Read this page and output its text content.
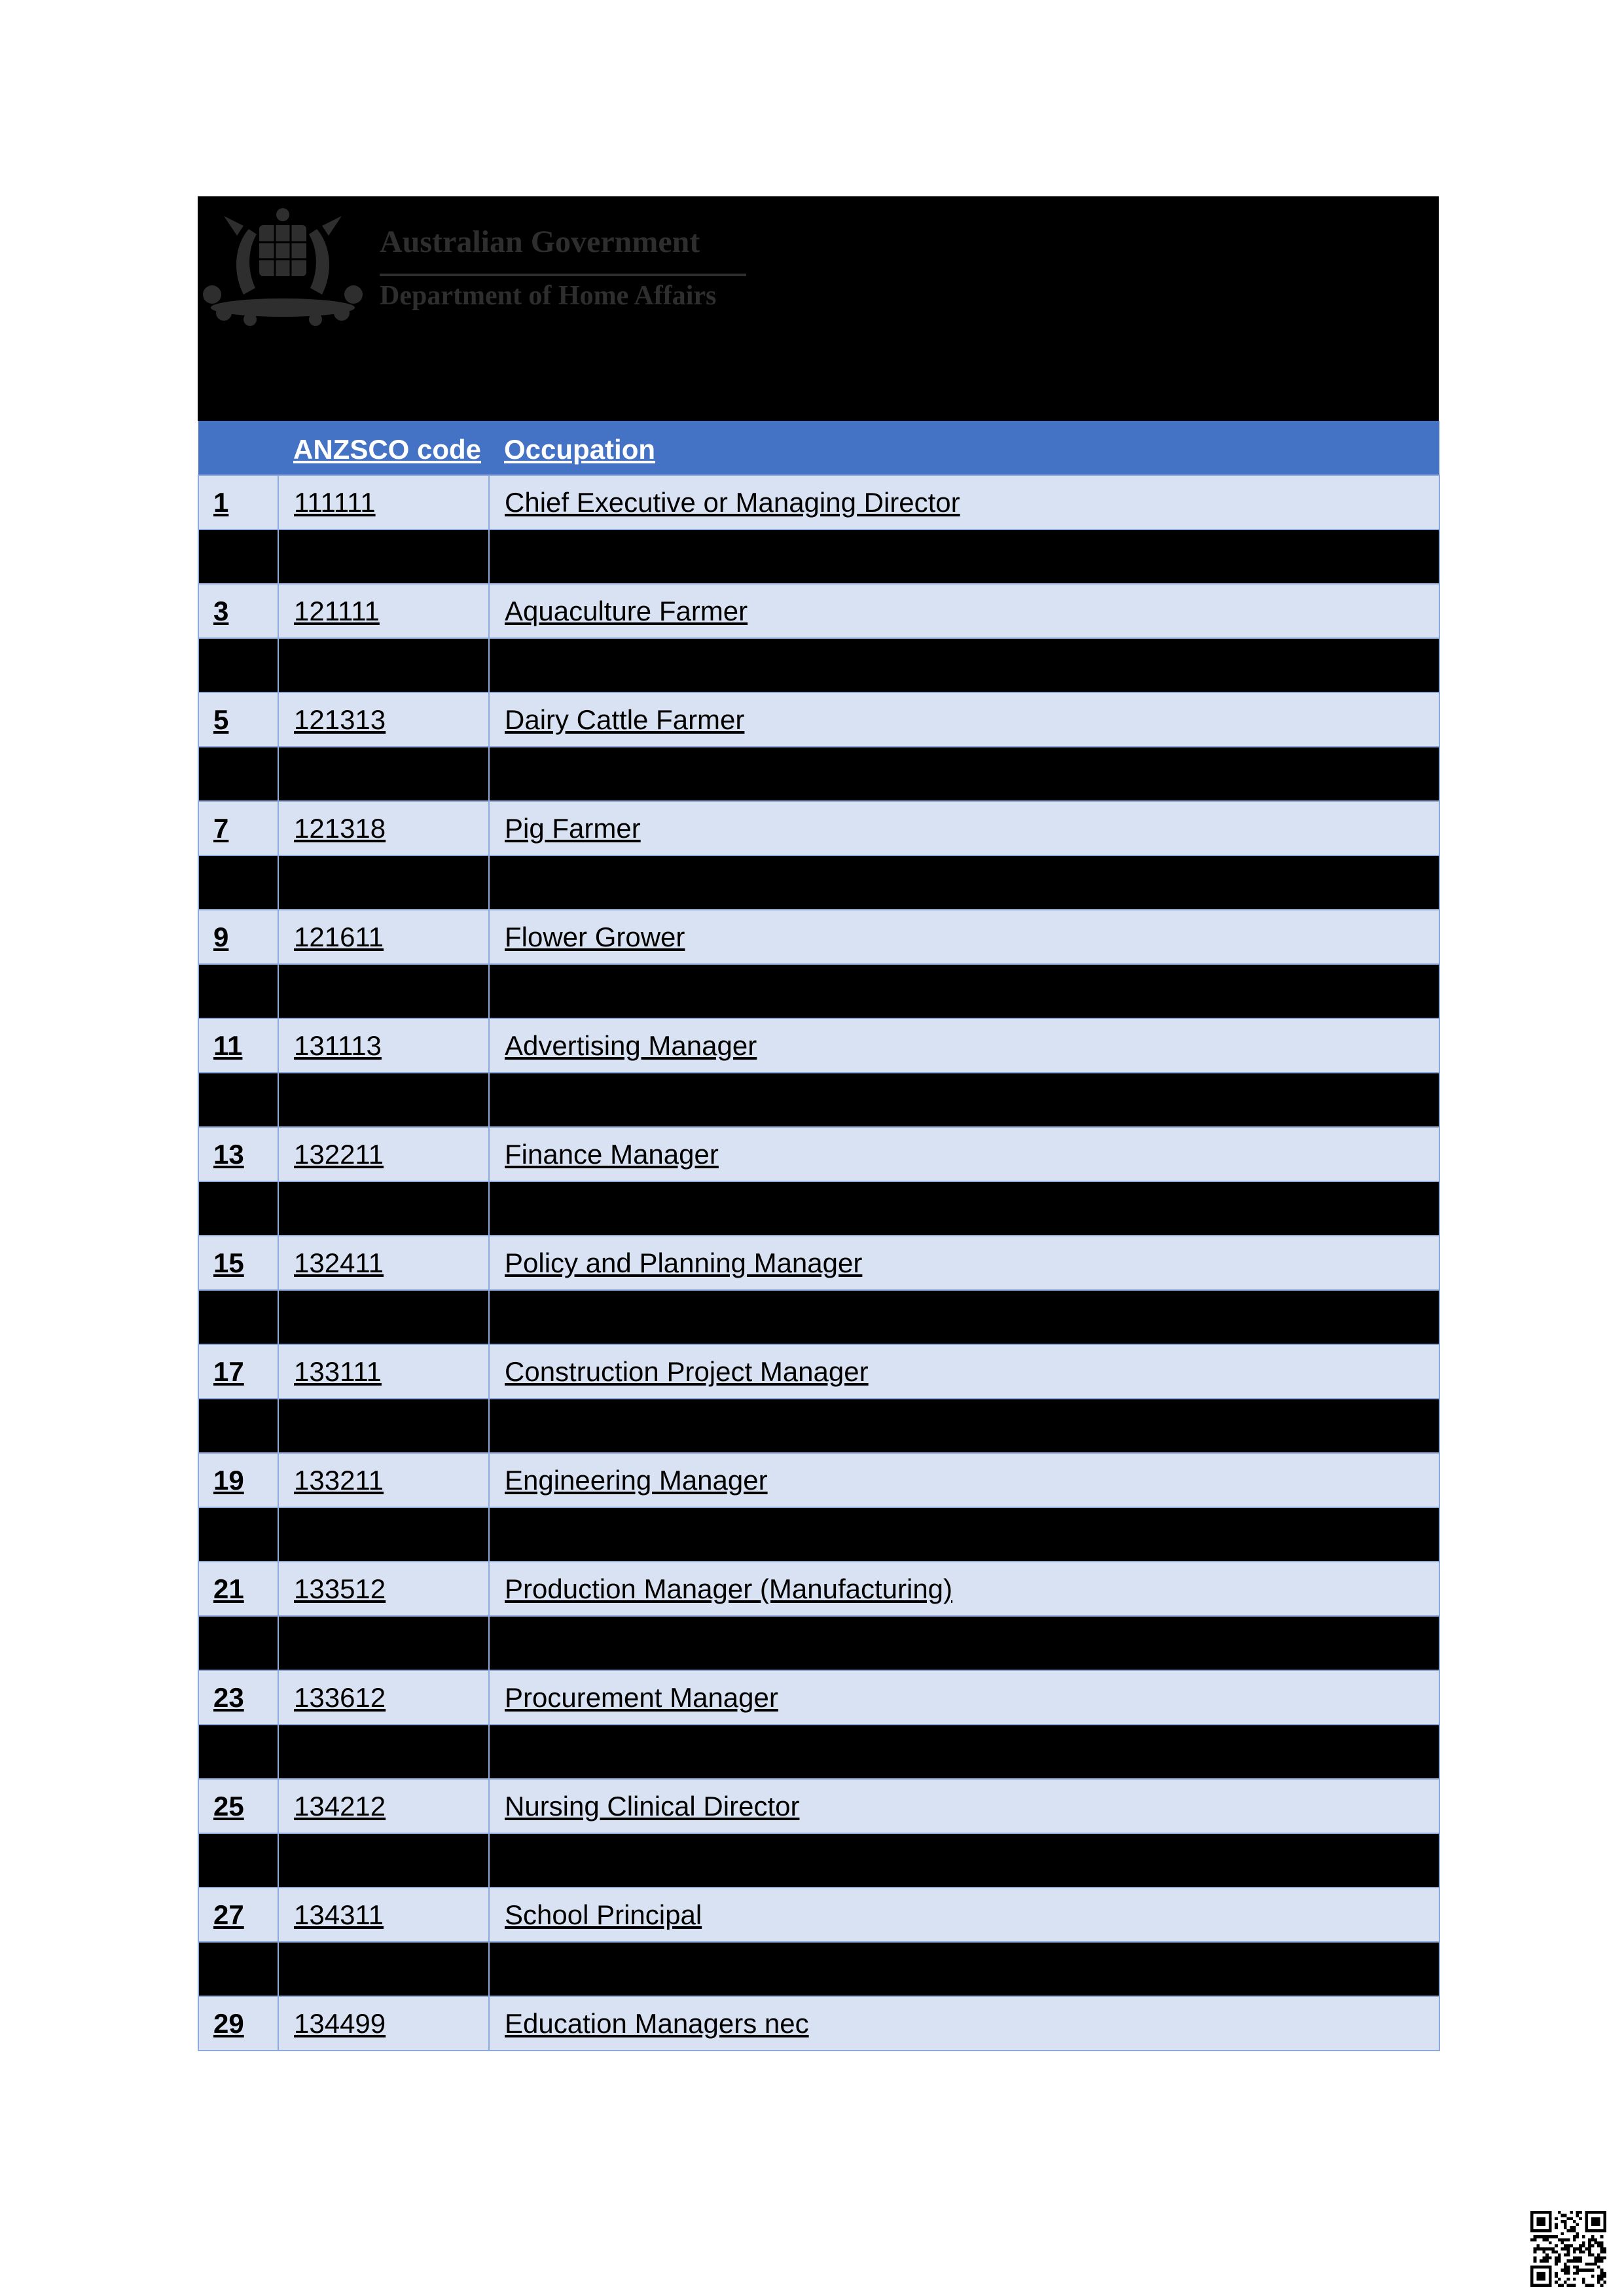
Australian Government
Department of Home Affairs
	ANZSCO code	Occupation
1	111111	Chief Executive or Managing Director

3	121111	Aquaculture Farmer

5	121313	Dairy Cattle Farmer

7	121318	Pig Farmer

9	121611	Flower Grower

11	131113	Advertising Manager

13	132211	Finance Manager

15	132411	Policy and Planning Manager

17	133111	Construction Project Manager

19	133211	Engineering Manager

21	133512	Production Manager (Manufacturing)

23	133612	Procurement Manager

25	134212	Nursing Clinical Director

27	134311	School Principal

29	134499	Education Managers nec
